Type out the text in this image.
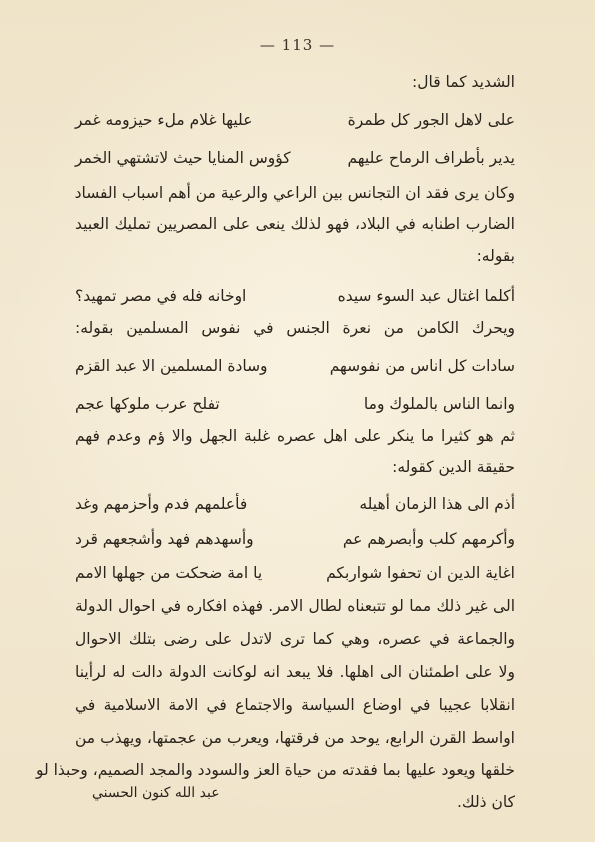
— 113 —
الشديد كما قال:
على لاهل الجور كل طمرة
عليها غلام ملء حيزومه غمر
يدير بأطراف الرماح عليهم
كؤوس المنايا حيث لاتشتهي الخمر
وكان يرى فقد ان التجانس بين الراعي والرعية من أهم اسباب الفساد
الضارب اطنابه في البلاد، فهو لذلك ينعى على المصريين تمليك العبيد
بقوله:
أكلما اغتال عبد السوء سيده
اوخانه فله في مصر تمهيد؟
ويحرك الكامن من نعرة الجنس في نفوس المسلمين بقوله:
سادات كل اناس من نفوسهم
وسادة المسلمين الا عبد القزم
وانما الناس بالملوك وما
تفلح عرب ملوكها عجم
ثم هو كثيرا ما ينكر على اهل عصره غلبة الجهل والا ؤم وعدم فهم
حقيقة الدين كقوله:
أذم الى هذا الزمان أهيله
فأعلمهم فدم وأحزمهم وغد
وأكرمهم كلب وأبصرهم عم
وأسهدهم فهد وأشجعهم قرد
اغاية الدين ان تحفوا شواربكم
يا امة ضحكت من جهلها الامم
الى غير ذلك مما لو تتبعناه لطال الامر. فهذه افكاره في احوال الدولة
والجماعة في عصره، وهي كما ترى لاتدل على رضى بتلك الاحوال
ولا على اطمئنان الى اهلها. فلا يبعد انه لوكانت الدولة دالت له لرأينا
انقلابا عجيبا في اوضاع السياسة والاجتماع في الامة الاسلامية في
اواسط القرن الرابع، يوحد من فرقتها، ويعرب من عجمتها، ويهذب من
خلقها ويعود عليها بما فقدته من حياة العز والسودد والمجد الصميم، وحبذا لو
كان ذلك.
عبد الله كنون الحسني
